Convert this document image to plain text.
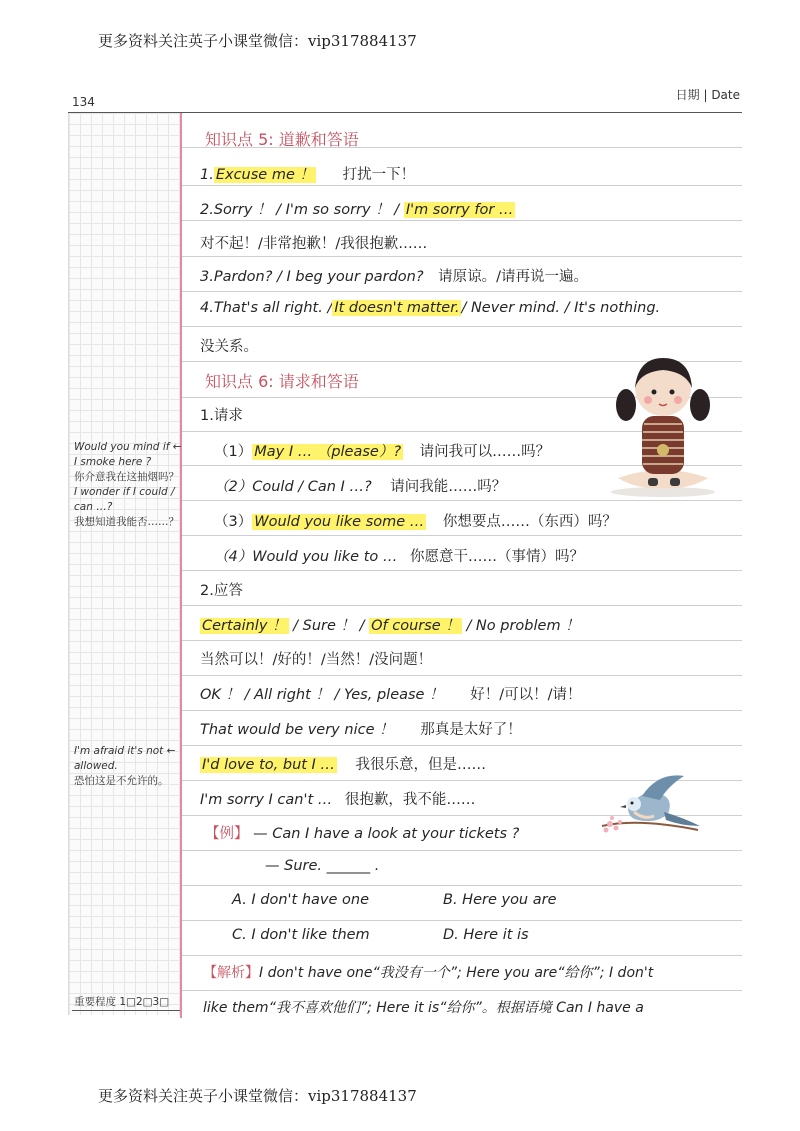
更多资料关注英子小课堂微信：vip317884137
134	日期 | Date
知识点 5: 道歉和答语
1. Excuse me ！ 打扰一下！
2.Sorry ！ / I'm so sorry ！ / I'm sorry for …
对不起！/非常抱歉！/我很抱歉……
3.Pardon? / I beg your pardon? 请原谅。/请再说一遍。
4.That's all right. / It doesn't matter. / Never mind. / It's nothing.
没关系。
知识点 6: 请求和答语
1.请求
（1） May I … （please）? 请问我可以……吗？
（2）Could / Can I …? 请问我能……吗？
（3） Would you like some … 你想要点……（东西）吗？
（4）Would you like to … 你愿意干……（事情）吗？
2.应答
Certainly ！ / Sure ！ / Of course ！ / No problem ！
当然可以！/好的！/当然！/没问题！
OK ！ / All right ！ / Yes, please ！ 好！/可以！/请！
That would be very nice ！ 那真是太好了！
I'd love to, but I … 我很乐意，但是……
I'm sorry I can't … 很抱歉，我不能……
【例】 — Can I have a look at your tickets ?
— Sure. ______ .
A. I don't have one	B. Here you are
C. I don't like them	D. Here it is
【解析】I don't have one“我没有一个”; Here you are“给你”; I don't
like them“我不喜欢他们”; Here it is“给你”。根据语境 Can I have a
Would you mind if ← I smoke here ?
你介意我在这抽烟吗？
I wonder if I could / can …?
我想知道我能否……？
I'm afraid it's not ← allowed.
恐怕这是不允许的。
重要程度 1□2□3□
更多资料关注英子小课堂微信：vip317884137
